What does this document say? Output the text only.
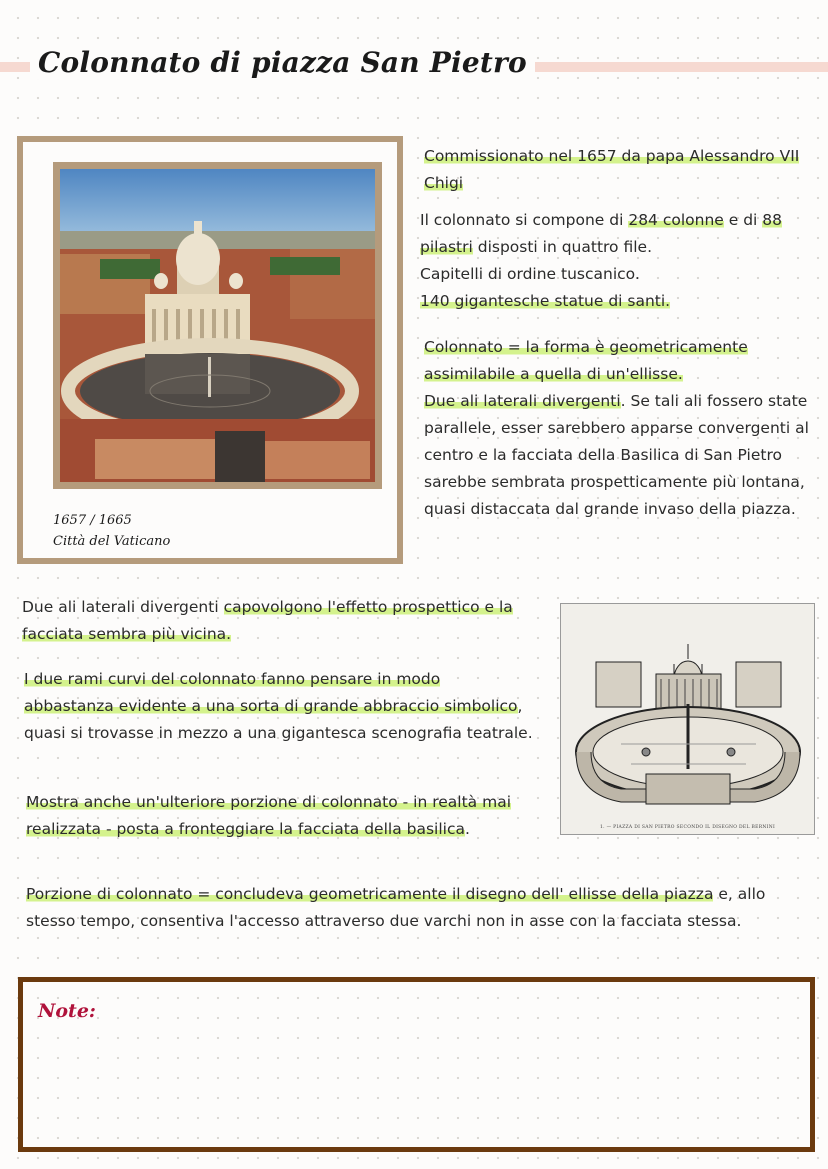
Colonnato di piazza San Pietro
1657 / 1665
Città del Vaticano

Commissionato nel 1657 da papa Alessandro VII Chigi

Il colonnato si compone di 284 colonne e di 88 pilastri disposti in quattro file.
Capitelli di ordine tuscanico.
140 gigantesche statue di santi.

Colonnato = la forma è geometricamente assimilabile a quella di un'ellisse.
Due ali laterali divergenti. Se tali ali fossero state parallele, esser sarebbero apparse convergenti al centro e la facciata della Basilica di San Pietro sarebbe sembrata prospetticamente più lontana, quasi distaccata dal grande invaso della piazza.

Due ali laterali divergenti capovolgono l'effetto prospettico e la facciata sembra più vicina.

I due rami curvi del colonnato fanno pensare in modo abbastanza evidente a una sorta di grande abbraccio simbolico, quasi si trovasse in mezzo a una gigantesca scenografia teatrale.

Mostra anche un'ulteriore porzione di colonnato - in realtà mai realizzata - posta a fronteggiare la facciata della basilica.

Porzione di colonnato = concludeva geometricamente il disegno dell' ellisse della piazza e, allo stesso tempo, consentiva l'accesso attraverso due varchi non in asse con la facciata stessa.

1. — PIAZZA DI SAN PIETRO SECONDO IL DISEGNO DEL BERNINI
Note:
